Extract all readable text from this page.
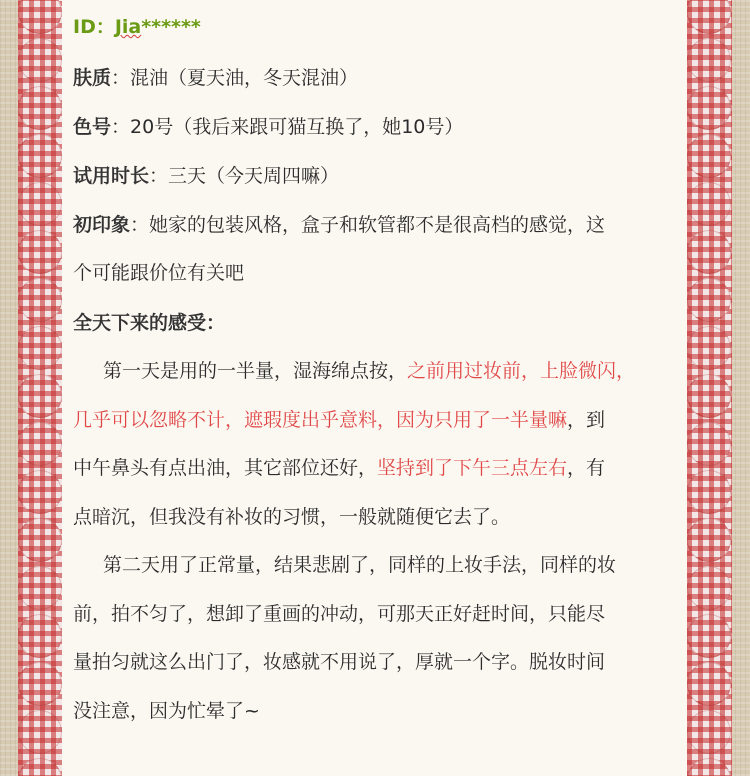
ID：Jia******
肤质：混油（夏天油，冬天混油）
色号：20号（我后来跟可猫互换了，她10号）
试用时长：三天（今天周四嘛）
初印象：她家的包装风格，盒子和软管都不是很高档的感觉，这
个可能跟价位有关吧
全天下来的感受：
第一天是用的一半量，湿海绵点按，之前用过妆前，上脸微闪，
几乎可以忽略不计，遮瑕度出乎意料，因为只用了一半量嘛，到
中午鼻头有点出油，其它部位还好，坚持到了下午三点左右，有
点暗沉，但我没有补妆的习惯，一般就随便它去了。
第二天用了正常量，结果悲剧了，同样的上妆手法，同样的妆
前，拍不匀了，想卸了重画的冲动，可那天正好赶时间，只能尽
量拍匀就这么出门了，妆感就不用说了，厚就一个字。脱妆时间
没注意，因为忙晕了~
